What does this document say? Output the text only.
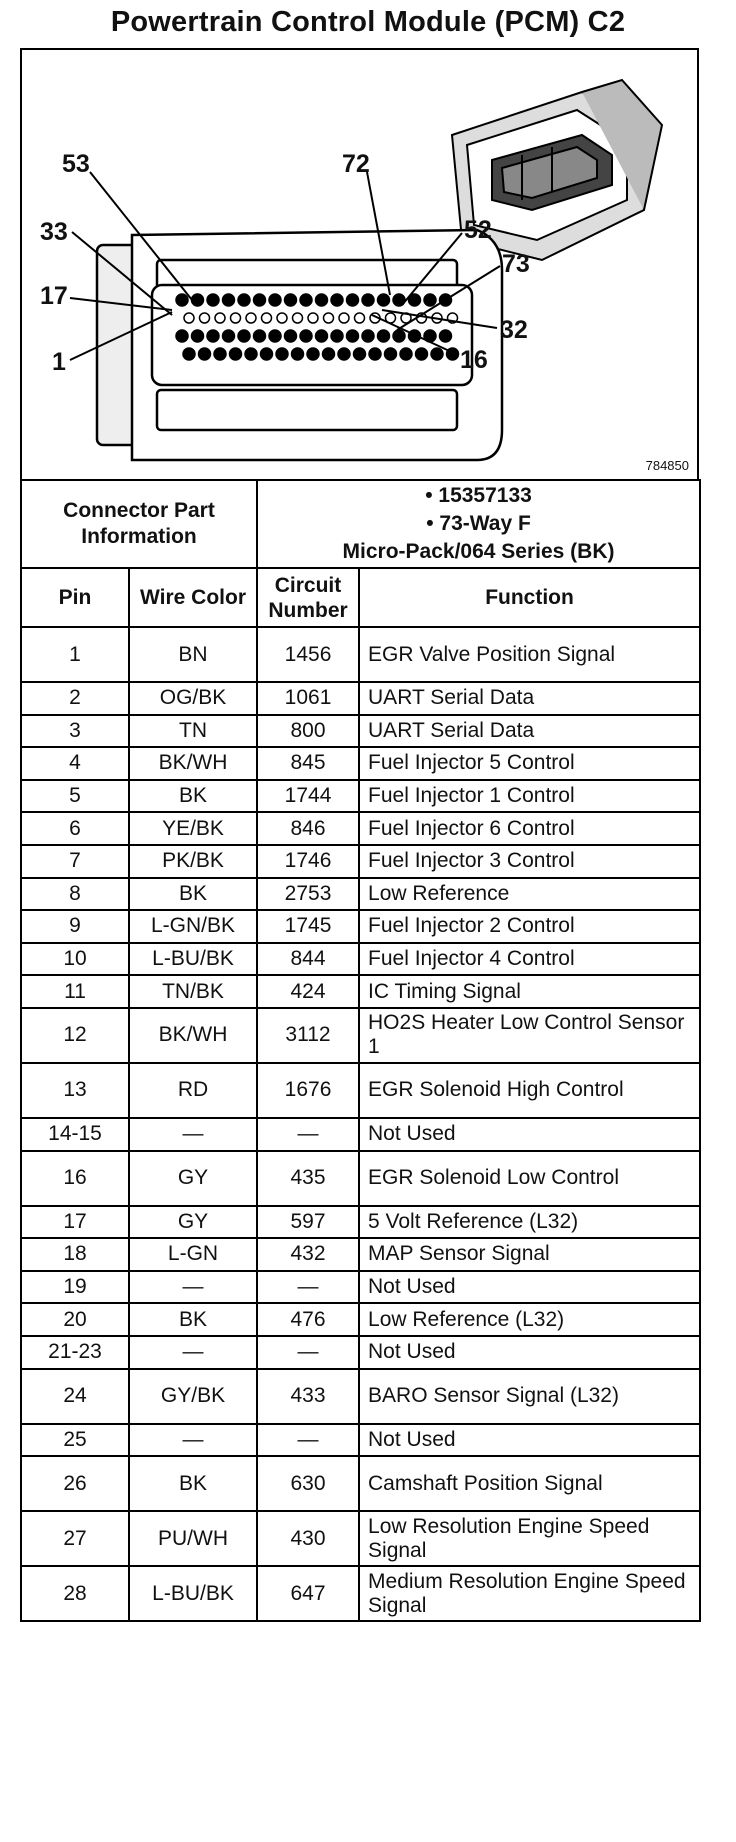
Powertrain Control Module (PCM) C2
53	72
33	52
73
17
32
1	16
784850
Connector Part Information		• 15357133
• 73-Way F
Micro-Pack/064 Series (BK)	

Pin	Wire Color	Circuit Number	Function
1	BN	1456	EGR Valve Position Signal
2	OG/BK	1061	UART Serial Data
3	TN	800	UART Serial Data
4	BK/WH	845	Fuel Injector 5 Control
5	BK	1744	Fuel Injector 1 Control
6	YE/BK	846	Fuel Injector 6 Control
7	PK/BK	1746	Fuel Injector 3 Control
8	BK	2753	Low Reference
9	L-GN/BK	1745	Fuel Injector 2 Control
10	L-BU/BK	844	Fuel Injector 4 Control
11	TN/BK	424	IC Timing Signal
12	BK/WH	3112	HO2S Heater Low Control Sensor 1
13	RD	1676	EGR Solenoid High Control
14-15	—	—	Not Used
16	GY	435	EGR Solenoid Low Control
17	GY	597	5 Volt Reference (L32)
18	L-GN	432	MAP Sensor Signal
19	—	—	Not Used
20	BK	476	Low Reference (L32)
21-23	—	—	Not Used
24	GY/BK	433	BARO Sensor Signal (L32)
25	—	—	Not Used
26	BK	630	Camshaft Position Signal
27	PU/WH	430	Low Resolution Engine Speed Signal
28	L-BU/BK	647	Medium Resolution Engine Speed Signal
